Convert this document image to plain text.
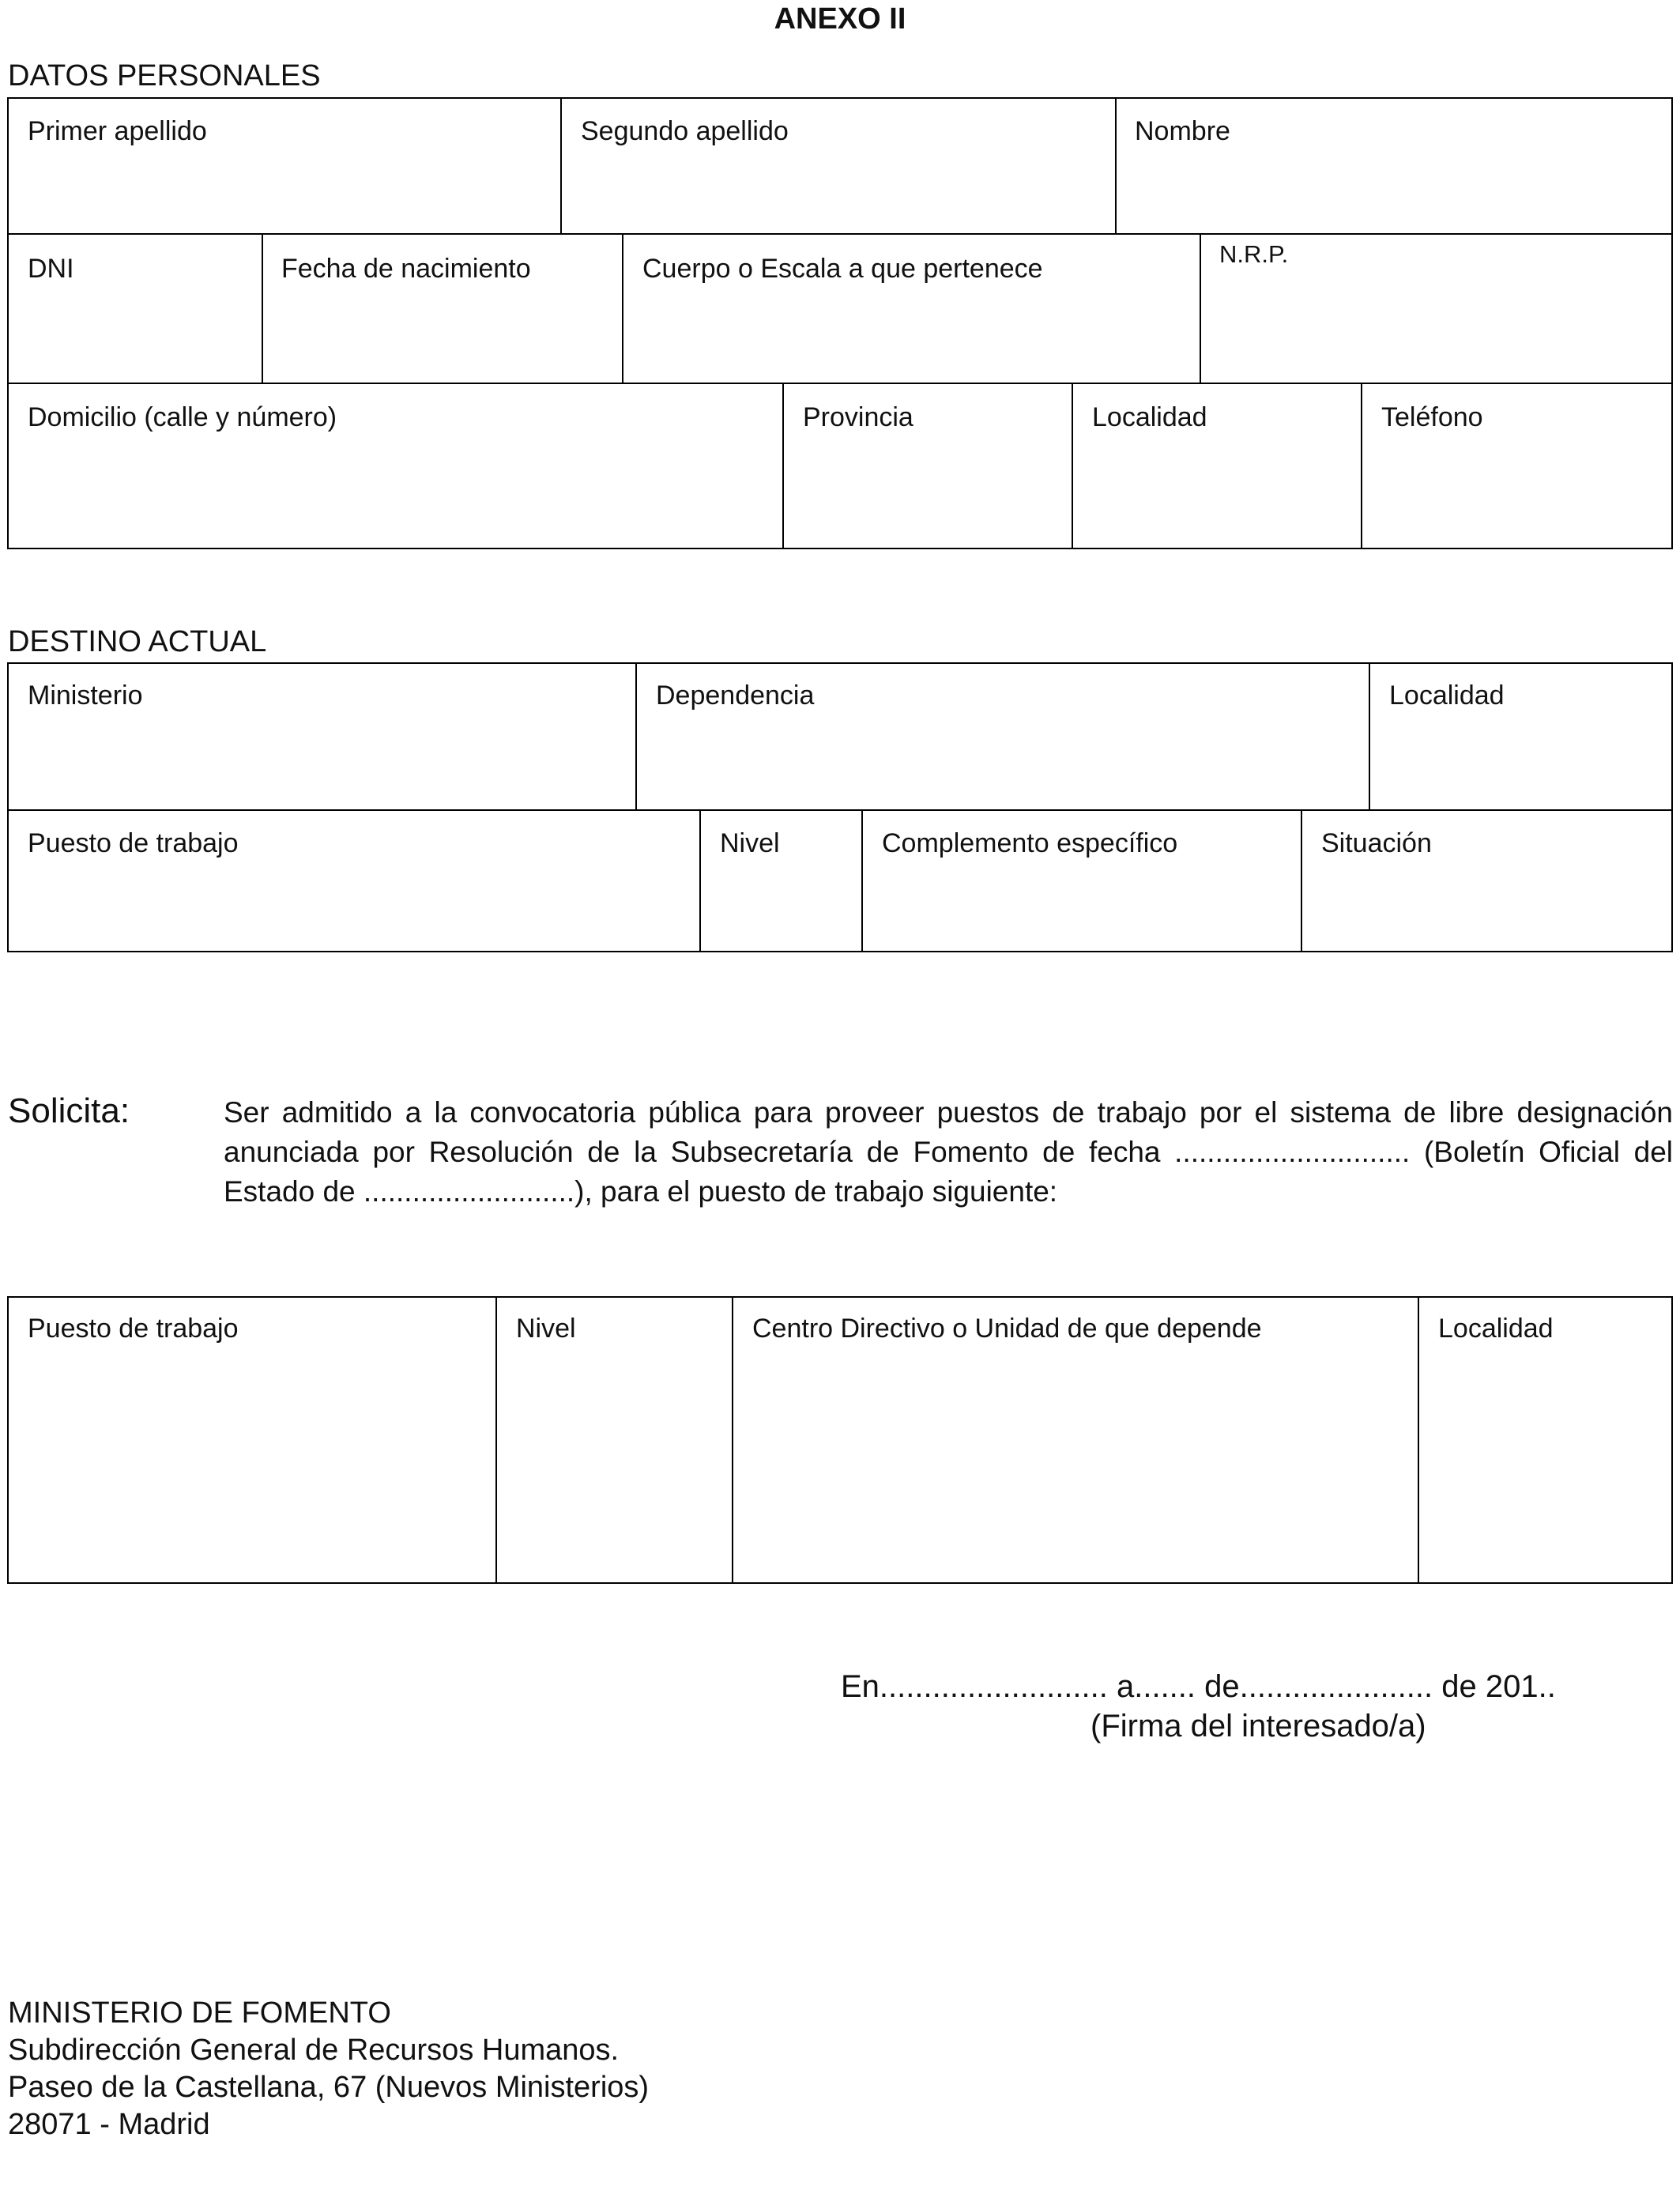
ANEXO II
DATOS PERSONALES
Primer apellido	Segundo apellido	Nombre
DNI	Fecha de nacimiento	Cuerpo o Escala a que pertenece	N.R.P.
Domicilio (calle y número)	Provincia	Localidad	Teléfono
DESTINO ACTUAL
Ministerio	Dependencia	Localidad
Puesto de trabajo	Nivel	Complemento específico	Situación
Solicita:	Ser admitido a la convocatoria pública para proveer puestos de trabajo por el sistema de libre designación anunciada por Resolución de la Subsecretaría de Fomento de fecha ............................. (Boletín Oficial del Estado de ..........................), para el puesto de trabajo siguiente:
Puesto de trabajo	Nivel	Centro Directivo o Unidad de que depende	Localidad
En.......................... a....... de...................... de 201..
(Firma del interesado/a)
MINISTERIO DE FOMENTO
Subdirección General de Recursos Humanos.
Paseo de la Castellana, 67 (Nuevos Ministerios)
28071 - Madrid
